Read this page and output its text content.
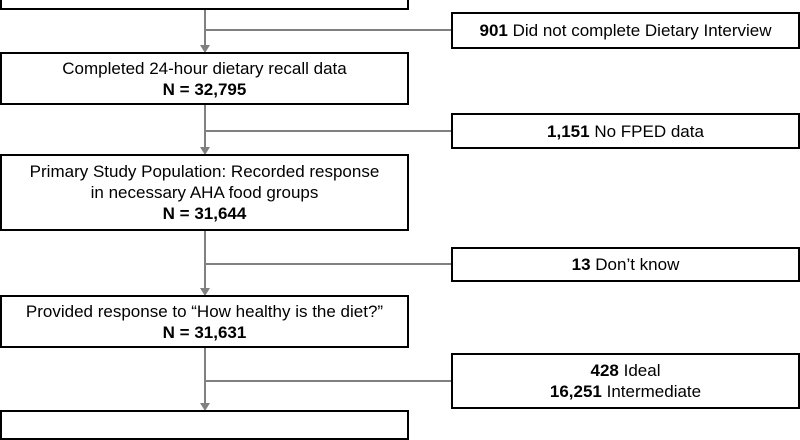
Completed 24-hour dietary recall data
N = 32,795
Primary Study Population: Recorded response
in necessary AHA food groups
N = 31,644
Provided response to “How healthy is the diet?”
N = 31,631
901 Did not complete Dietary Interview
1,151 No FPED data
13 Don’t know
428 Ideal
16,251 Intermediate
